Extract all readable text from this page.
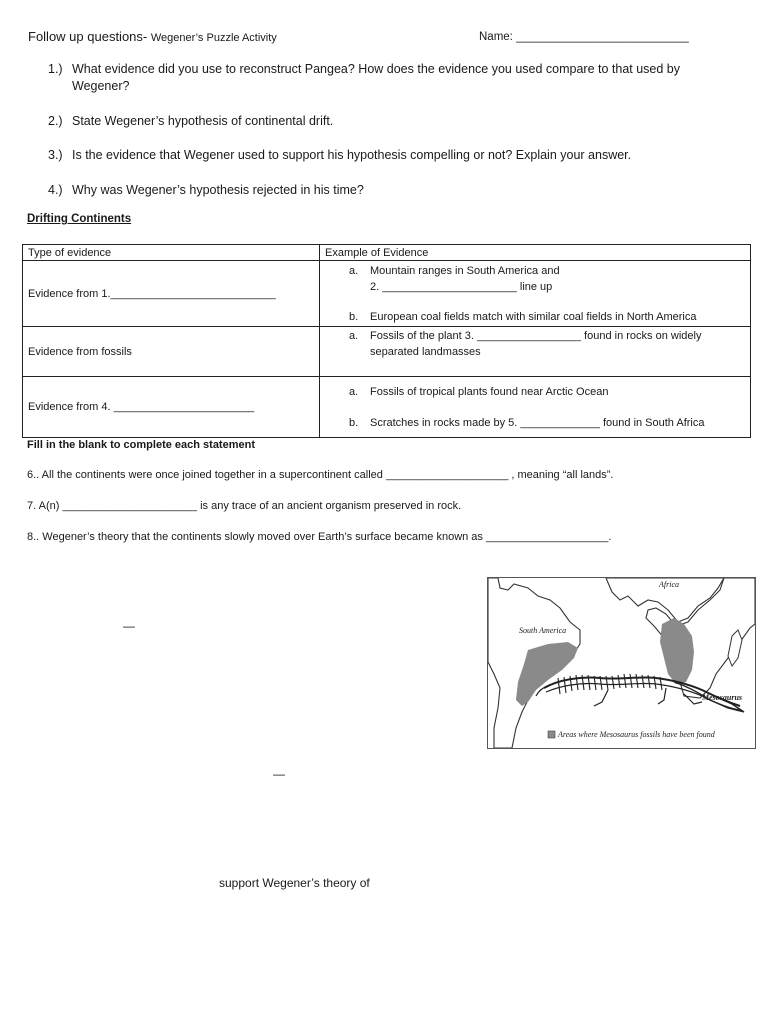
Follow up questions- Wegener’s Puzzle Activity	Name: ___________________________
1.) What evidence did you use to reconstruct Pangea? How does the evidence you used compare to that used by Wegener?
2.) State Wegener’s hypothesis of continental drift.
3.) Is the evidence that Wegener used to support his hypothesis compelling or not? Explain your answer.
4.) Why was Wegener’s hypothesis rejected in his time?
Drifting Continents
Type of evidence	Example of Evidence
Evidence from 1.___________________________	a. Mountain ranges in South America and
2. ______________________ line up
b. European coal fields match with similar coal fields in North America

Evidence from fossils	a. Fossils of the plant 3. _________________ found in rocks on widely
separated landmasses

Evidence from 4. _______________________	a. Fossils of tropical plants found near Arctic Ocean
b. Scratches in rocks made by 5. _____________ found in South Africa
Fill in the blank to complete each statement
6.. All the continents were once joined together in a supercontinent called ____________________ , meaning “all lands”.
7. A(n) ______________________ is any trace of an ancient organism preserved in rock.
8.. Wegener’s theory that the continents slowly moved over Earth’s surface became known as ____________________.
—
—
Africa
South America
Mesosaurus
Areas where Mesosaurus fossils have been found
support Wegener’s theory of
